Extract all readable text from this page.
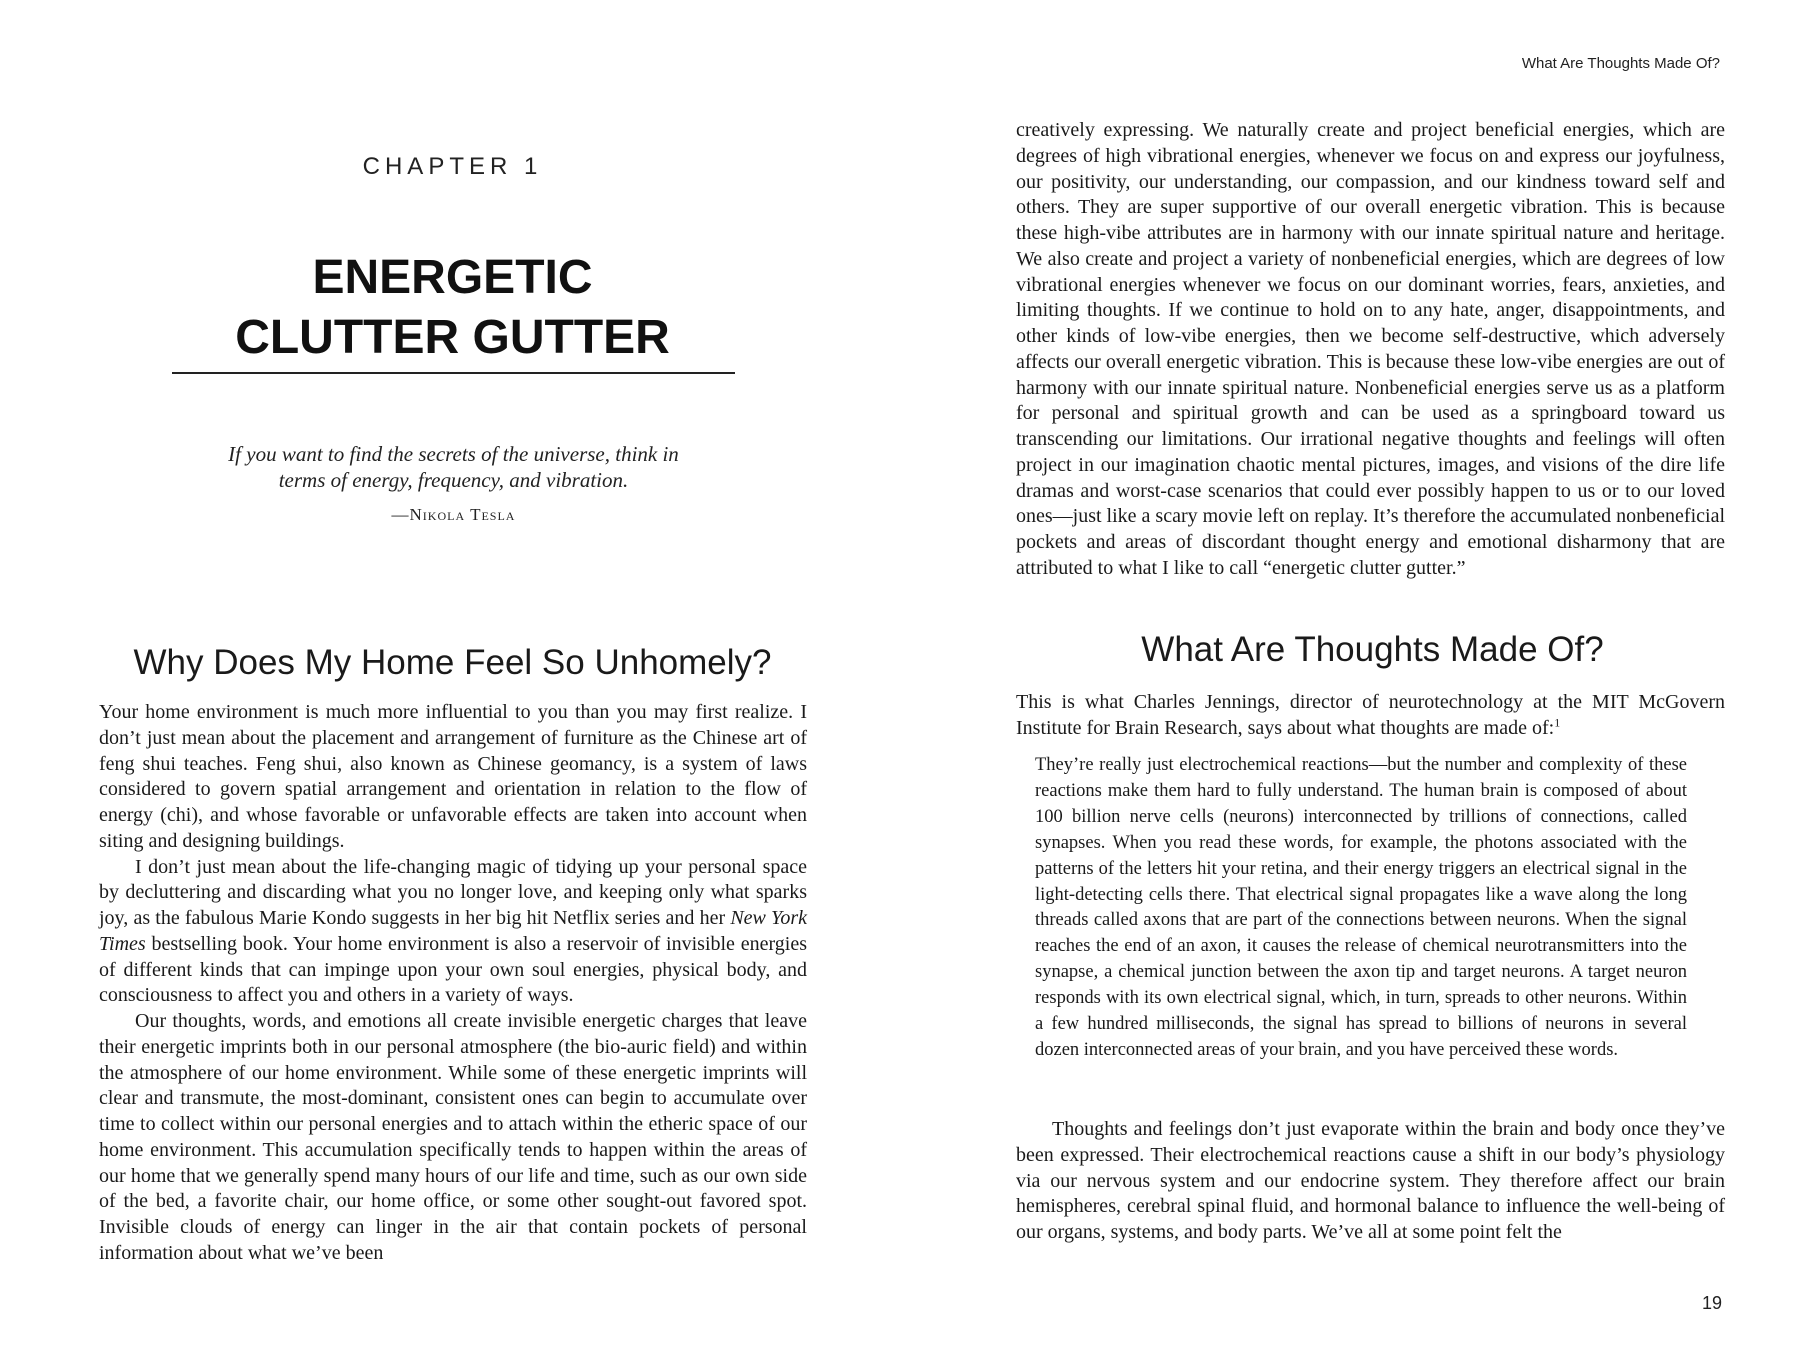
CHAPTER 1
ENERGETIC
CLUTTER GUTTER
If you want to find the secrets of the universe, think in
terms of energy, frequency, and vibration.
—Nikola Tesla
Why Does My Home Feel So Unhomely?

Your home environment is much more influential to you than you may first realize. I don’t just mean about the placement and arrangement of furniture as the Chinese art of feng shui teaches. Feng shui, also known as Chinese geomancy, is a system of laws considered to govern spatial arrangement and orientation in relation to the flow of energy (chi), and whose favorable or unfavorable effects are taken into account when siting and designing buildings.

I don’t just mean about the life-changing magic of tidying up your personal space by decluttering and discarding what you no longer love, and keeping only what sparks joy, as the fabulous Marie Kondo suggests in her big hit Netflix series and her New York Times bestselling book. Your home environment is also a reservoir of invisible energies of different kinds that can impinge upon your own soul energies, physical body, and consciousness to affect you and others in a variety of ways.

Our thoughts, words, and emotions all create invisible energetic charges that leave their energetic imprints both in our personal atmosphere (the bio-auric field) and within the atmosphere of our home environment. While some of these energetic imprints will clear and transmute, the most-dominant, consistent ones can begin to accumulate over time to collect within our personal energies and to attach within the etheric space of our home environment. This accumulation specifically tends to happen within the areas of our home that we generally spend many hours of our life and time, such as our own side of the bed, a favorite chair, our home office, or some other sought-out favored spot. Invisible clouds of energy can linger in the air that contain pockets of personal information about what we’ve been

What Are Thoughts Made Of?

creatively expressing. We naturally create and project beneficial energies, which are degrees of high vibrational energies, whenever we focus on and express our joyfulness, our positivity, our understanding, our compassion, and our kindness toward self and others. They are super supportive of our overall energetic vibration. This is because these high-vibe attributes are in harmony with our innate spiritual nature and heritage. We also create and project a variety of nonbeneficial energies, which are degrees of low vibrational energies whenever we focus on our dominant worries, fears, anxieties, and limiting thoughts. If we continue to hold on to any hate, anger, disappointments, and other kinds of low-vibe energies, then we become self-destructive, which adversely affects our overall energetic vibration. This is because these low-vibe energies are out of harmony with our innate spiritual nature. Nonbeneficial energies serve us as a platform for personal and spiritual growth and can be used as a springboard toward us transcending our limitations. Our irrational negative thoughts and feelings will often project in our imagination chaotic mental pictures, images, and visions of the dire life dramas and worst-case scenarios that could ever possibly happen to us or to our loved ones—just like a scary movie left on replay. It’s therefore the accumulated nonbeneficial pockets and areas of discordant thought energy and emotional disharmony that are attributed to what I like to call “energetic clutter gutter.”

What Are Thoughts Made Of?

This is what Charles Jennings, director of neurotechnology at the MIT McGovern Institute for Brain Research, says about what thoughts are made of:$^1$

They’re really just electrochemical reactions—but the number and complexity of these reactions make them hard to fully understand. The human brain is composed of about 100 billion nerve cells (neurons) interconnected by trillions of connections, called synapses. When you read these words, for example, the photons associated with the patterns of the letters hit your retina, and their energy triggers an electrical signal in the light-detecting cells there. That electrical signal propagates like a wave along the long threads called axons that are part of the connections between neurons. When the signal reaches the end of an axon, it causes the release of chemical neurotransmitters into the synapse, a chemical junction between the axon tip and target neurons. A target neuron responds with its own electrical signal, which, in turn, spreads to other neurons. Within a few hundred milliseconds, the signal has spread to billions of neurons in several dozen interconnected areas of your brain, and you have perceived these words.

Thoughts and feelings don’t just evaporate within the brain and body once they’ve been expressed. Their electrochemical reactions cause a shift in our body’s physiology via our nervous system and our endocrine system. They therefore affect our brain hemispheres, cerebral spinal fluid, and hormonal balance to influence the well-being of our organs, systems, and body parts. We’ve all at some point felt the

19
